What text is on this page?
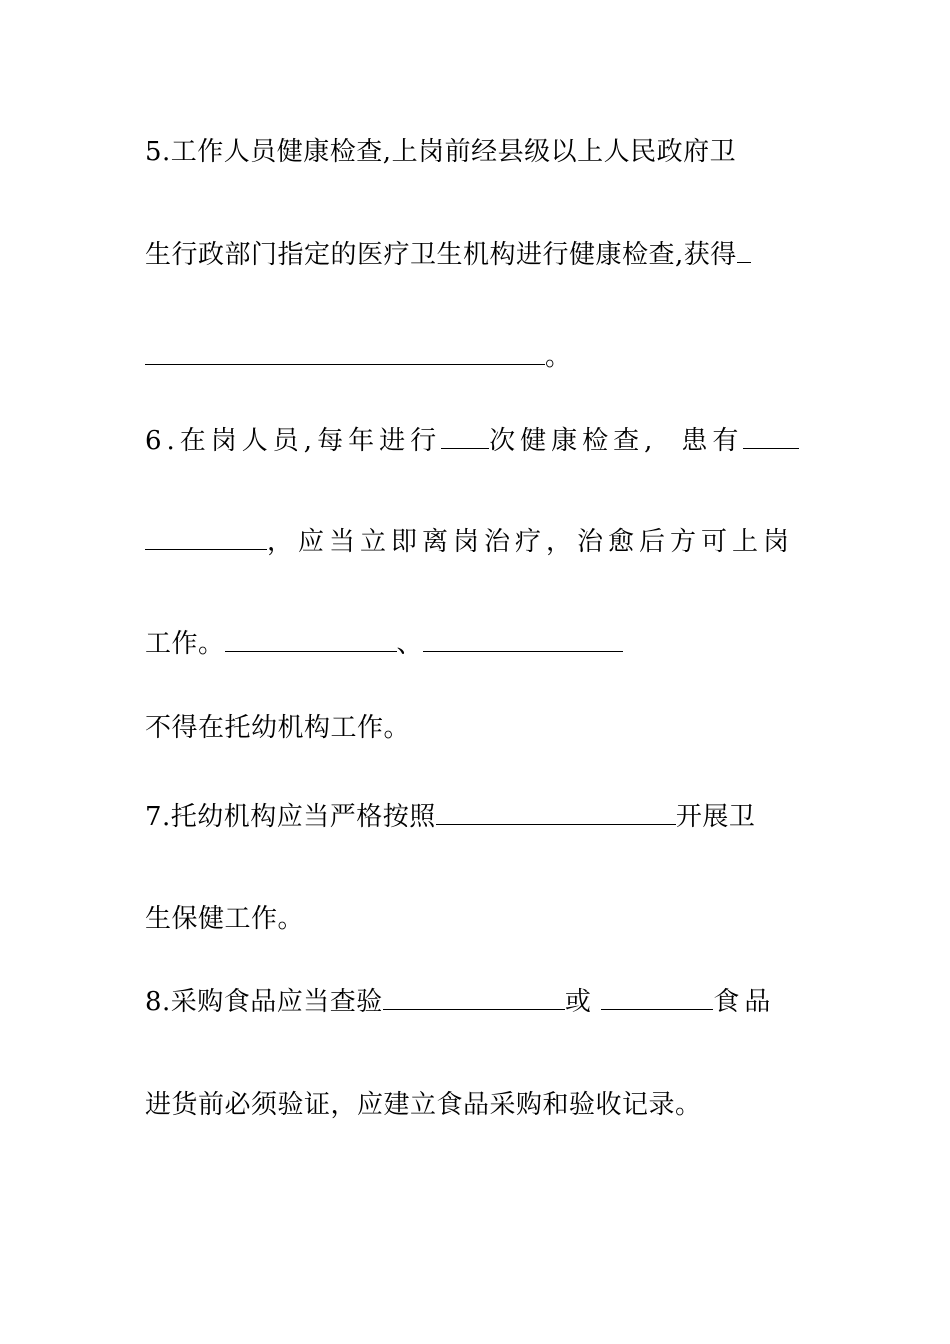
5.工作人员健康检查,上岗前经县级以上人民政府卫
生行政部门指定的医疗卫生机构进行健康检查,获得
。
6.在岗人员,每年进行 次健康检查, 患有
，应当立即离岗治疗，治愈后方可上岗
工作。	、
不得在托幼机构工作。
7.托幼机构应当严格按照	开展卫
生保健工作。
8.采购食品应当查验	或	食品
进货前必须验证，应建立食品采购和验收记录。
